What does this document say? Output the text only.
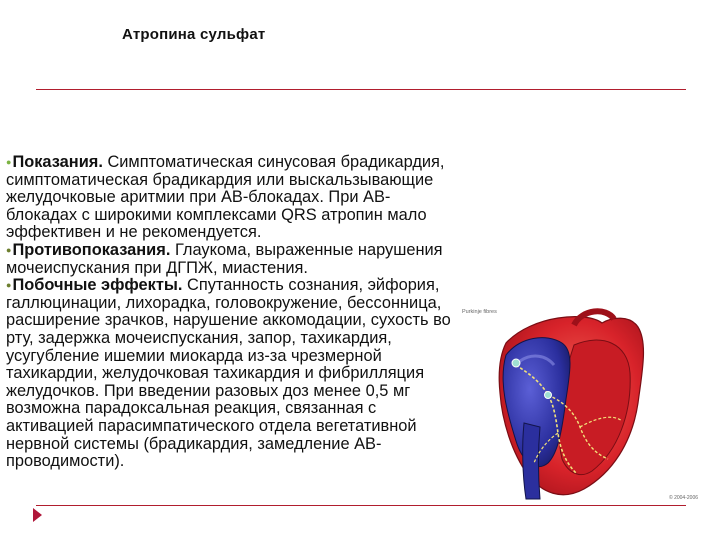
Атропина сульфат

●Показания. Симптоматическая синусовая брадикардия, симптоматическая брадикардия или выскальзывающие желудочковые аритмии при АВ-блокадах. При АВ-блокадах с широкими комплексами QRS атропин мало эффективен и не рекомендуется.

●Противопоказания. Глаукома, выраженные нарушения мочеиспускания при ДГПЖ, миастения.

●Побочные эффекты. Спутанность сознания, эйфория, галлюцинации, лихорадка, головокружение, бессонница, расширение зрачков, нарушение аккомодации, сухость во рту, задержка мочеиспускания, запор, тахикардия, усугубление ишемии миокарда из-за чрезмерной тахикардии, желудочковая тахикардия и фибрилляция желудочков. При введении разовых доз менее 0,5 мг возможна парадоксальная реакция, связанная с активацией парасимпатического отдела вегетативной нервной системы (брадикардия, замедление АВ-проводимости).

Purkinje fibres
© 2004-2006
